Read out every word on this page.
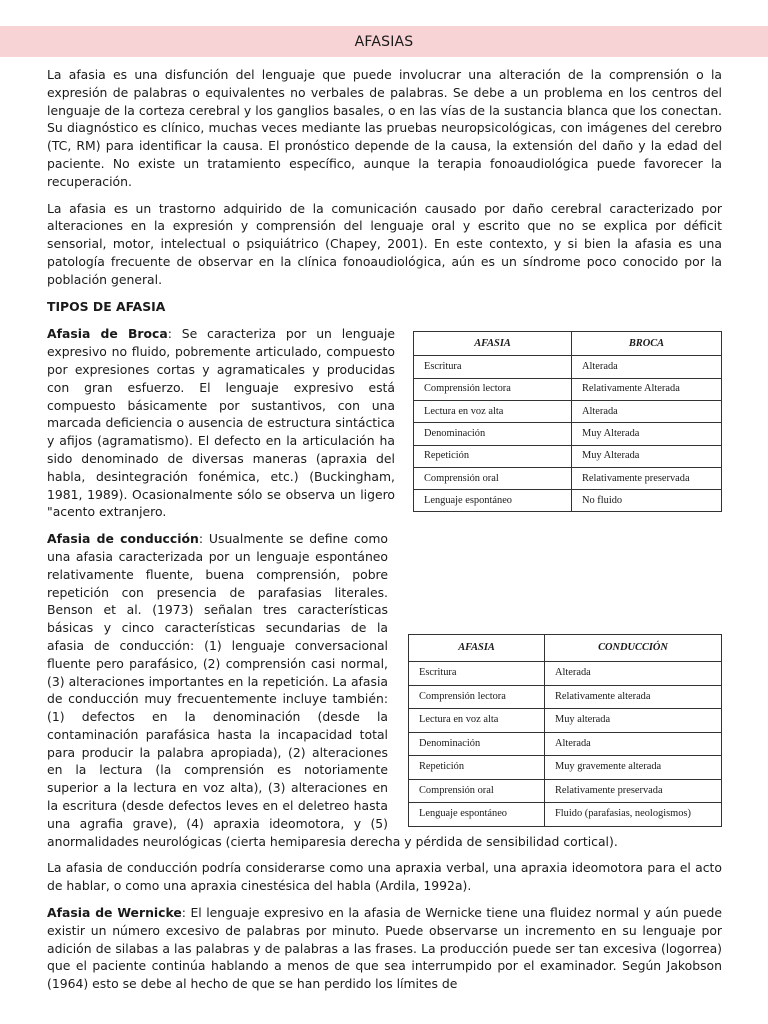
AFASIAS

La afasia es una disfunción del lenguaje que puede involucrar una alteración de la comprensión o la expresión de palabras o equivalentes no verbales de palabras. Se debe a un problema en los centros del lenguaje de la corteza cerebral y los ganglios basales, o en las vías de la sustancia blanca que los conectan. Su diagnóstico es clínico, muchas veces mediante las pruebas neuropsicológicas, con imágenes del cerebro (TC, RM) para identificar la causa. El pronóstico depende de la causa, la extensión del daño y la edad del paciente. No existe un tratamiento específico, aunque la terapia fonoaudiológica puede favorecer la recuperación.

La afasia es un trastorno adquirido de la comunicación causado por daño cerebral caracterizado por alteraciones en la expresión y comprensión del lenguaje oral y escrito que no se explica por déficit sensorial, motor, intelectual o psiquiátrico (Chapey, 2001). En este contexto, y si bien la afasia es una patología frecuente de observar en la clínica fonoaudiológica, aún es un síndrome poco conocido por la población general.

TIPOS DE AFASIA
AFASIA	BROCA
Escritura	Alterada
Comprensión lectora	Relativamente Alterada
Lectura en voz alta	Alterada
Denominación	Muy Alterada
Repetición	Muy Alterada
Comprensión oral	Relativamente preservada
Lenguaje espontáneo	No fluido

Afasia de Broca: Se caracteriza por un lenguaje expresivo no fluido, pobremente articulado, compuesto por expresiones cortas y agramaticales y producidas con gran esfuerzo. El lenguaje expresivo está compuesto básicamente por sustantivos, con una marcada deficiencia o ausencia de estructura sintáctica y afijos (agramatismo). El defecto en la articulación ha sido denominado de diversas maneras (apraxia del habla, desintegración fonémica, etc.) (Buckingham, 1981, 1989). Ocasionalmente sólo se observa un ligero "acento extranjero.

AFASIA	CONDUCCIÓN
Escritura	Alterada
Comprensión lectora	Relativamente alterada
Lectura en voz alta	Muy alterada
Denominación	Alterada
Repetición	Muy gravemente alterada
Comprensión oral	Relativamente preservada
Lenguaje espontáneo	Fluido (parafasias, neologismos)

Afasia de conducción: Usualmente se define como una afasia caracterizada por un lenguaje espontáneo relativamente fluente, buena comprensión, pobre repetición con presencia de parafasias literales. Benson et al. (1973) señalan tres características básicas y cinco características secundarias de la afasia de conducción: (1) lenguaje conversacional fluente pero parafásico, (2) comprensión casi normal, (3) alteraciones importantes en la repetición. La afasia de conducción muy frecuentemente incluye también: (1) defectos en la denominación (desde la contaminación parafásica hasta la incapacidad total para producir la palabra apropiada), (2) alteraciones en la lectura (la comprensión es notoriamente superior a la lectura en voz alta), (3) alteraciones en la escritura (desde defectos leves en el deletreo hasta una agrafia grave), (4) apraxia ideomotora, y (5) anormalidades neurológicas (cierta hemiparesia derecha y pérdida de sensibilidad cortical).

La afasia de conducción podría considerarse como una apraxia verbal, una apraxia ideomotora para el acto de hablar, o como una apraxia cinestésica del habla (Ardila, 1992a).

Afasia de Wernicke: El lenguaje expresivo en la afasia de Wernicke tiene una fluidez normal y aún puede existir un número excesivo de palabras por minuto. Puede observarse un incremento en su lenguaje por adición de silabas a las palabras y de palabras a las frases. La producción puede ser tan excesiva (logorrea) que el paciente continúa hablando a menos de que sea interrumpido por el examinador. Según Jakobson (1964) esto se debe al hecho de que se han perdido los límites de
